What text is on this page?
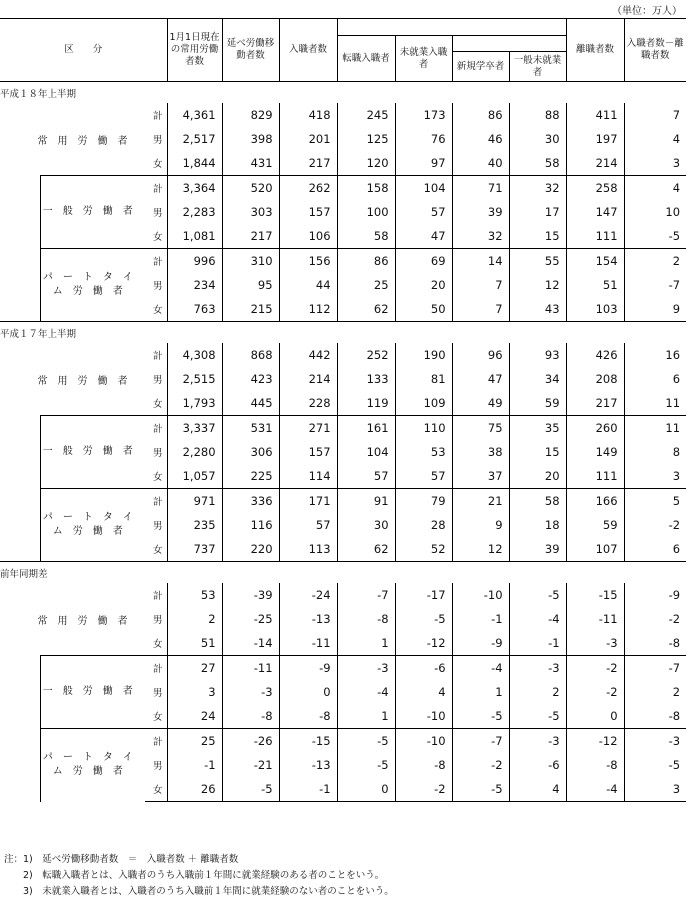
（単位：万人）
区　　分			1月1日現在の常用労働者数	延べ労働移動者数	入職者数					離職者数	入職者数－離職者数
						転職入職者	未就業入職者				
								新規学卒者	一般未就業者		
平成１８年上半期											
常用労働者		計	4,361	829	418	245	173	86	88	411	7
		男	2,517	398	201	125	76	46	30	197	4
		女	1,844	431	217	120	97	40	58	214	3
	一般労働者	計	3,364	520	262	158	104	71	32	258	4
		男	2,283	303	157	100	57	39	17	147	10
		女	1,081	217	106	58	47	32	15	111	-5
	パートタイム労働者	計	996	310	156	86	69	14	55	154	2
		男	234	95	44	25	20	7	12	51	-7
		女	763	215	112	62	50	7	43	103	9
平成１７年上半期											
常用労働者		計	4,308	868	442	252	190	96	93	426	16
		男	2,515	423	214	133	81	47	34	208	6
		女	1,793	445	228	119	109	49	59	217	11
	一般労働者	計	3,337	531	271	161	110	75	35	260	11
		男	2,280	306	157	104	53	38	15	149	8
		女	1,057	225	114	57	57	37	20	111	3
	パートタイム労働者	計	971	336	171	91	79	21	58	166	5
		男	235	116	57	30	28	9	18	59	-2
		女	737	220	113	62	52	12	39	107	6
前年同期差											
常用労働者		計	53	-39	-24	-7	-17	-10	-5	-15	-9
		男	2	-25	-13	-8	-5	-1	-4	-11	-2
		女	51	-14	-11	1	-12	-9	-1	-3	-8
	一般労働者	計	27	-11	-9	-3	-6	-4	-3	-2	-7
		男	3	-3	0	-4	4	1	2	-2	2
		女	24	-8	-8	1	-10	-5	-5	0	-8
	パートタイム労働者	計	25	-26	-15	-5	-10	-7	-3	-12	-3
		男	-1	-21	-13	-5	-8	-2	-6	-8	-5
		女	26	-5	-1	0	-2	-5	4	-4	3
注：1)　延べ労働移動者数　＝　入職者数 ＋ 離職者数
　　2)　転職入職者とは、入職者のうち入職前１年間に就業経験のある者のことをいう。
　　3)　未就業入職者とは、入職者のうち入職前１年間に就業経験のない者のことをいう。
